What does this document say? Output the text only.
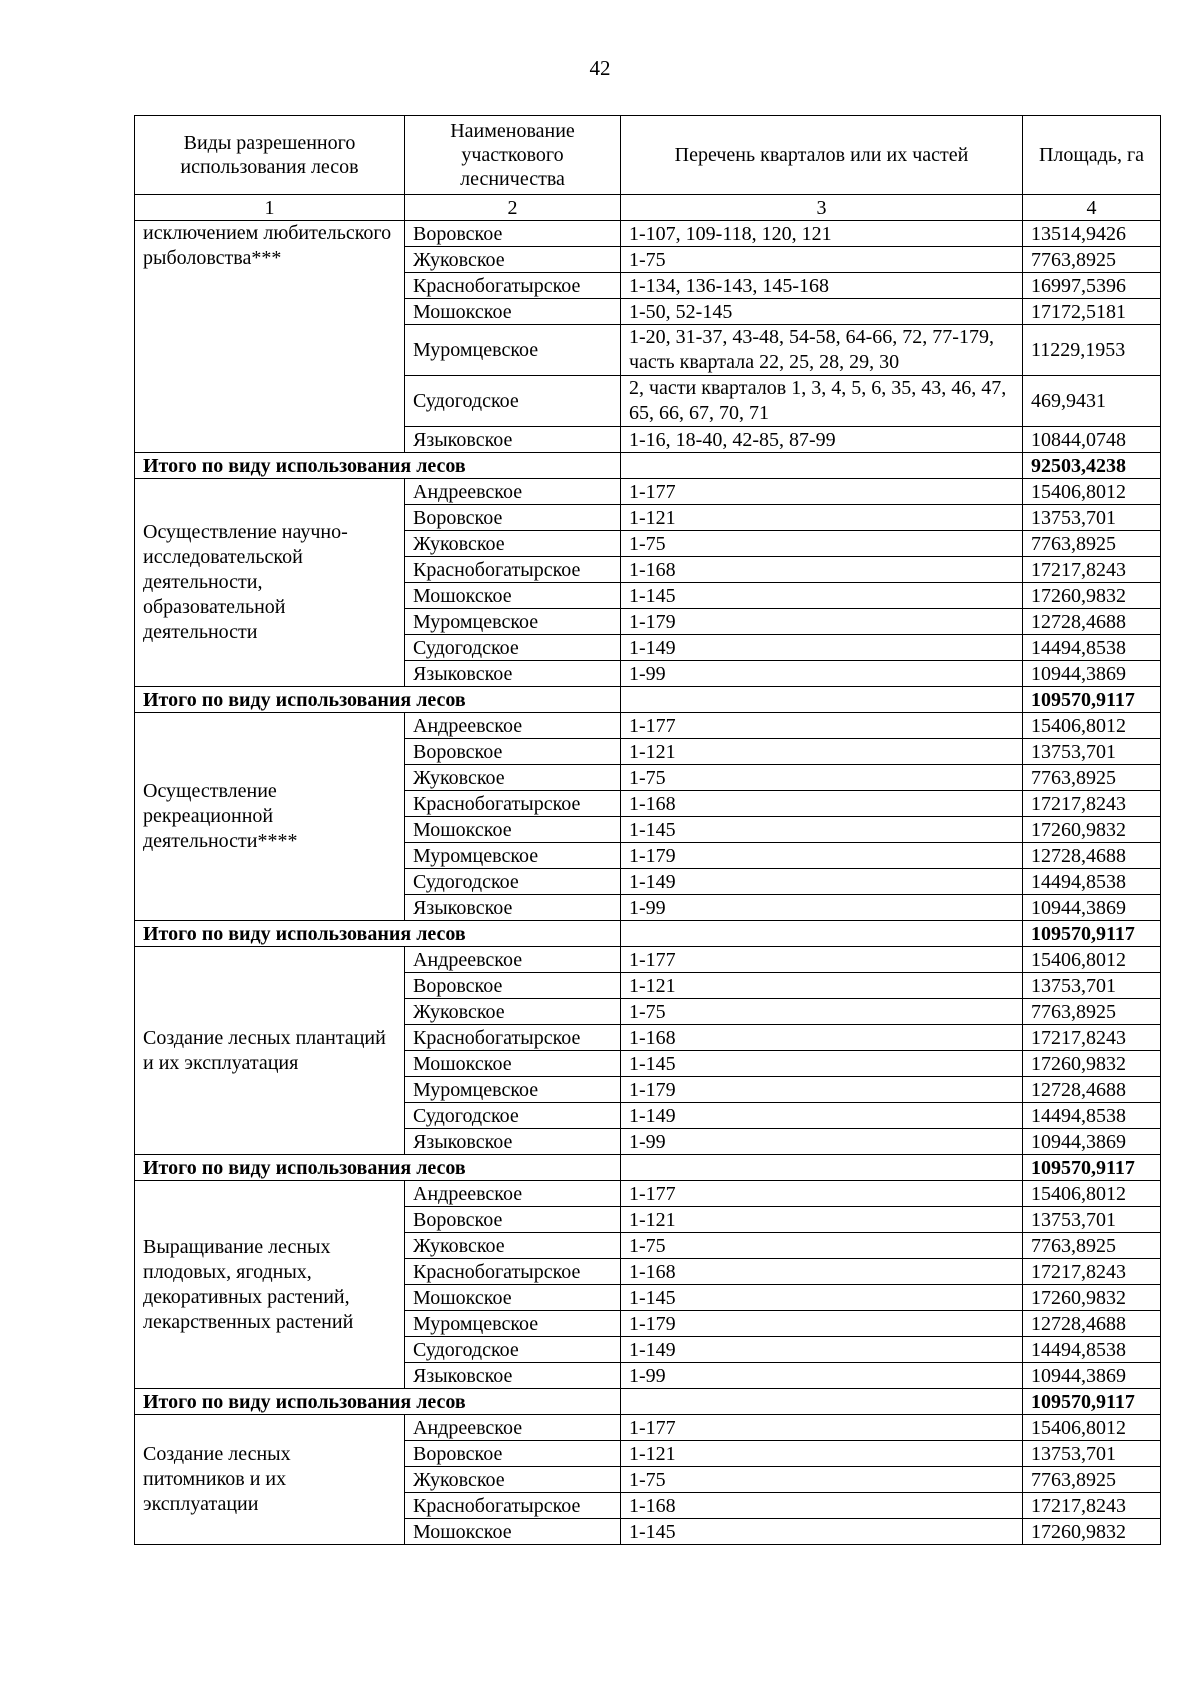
42
Виды разрешенного использования лесов	Наименование участкового лесничества	Перечень кварталов или их частей	Площадь, га
1	2	3	4
исключением любительского рыболовства***	Воровское	1-107, 109-118, 120, 121	13514,9426
	Жуковское	1-75	7763,8925
	Краснобогатырское	1-134, 136-143, 145-168	16997,5396
	Мошокское	1-50, 52-145	17172,5181
	Муромцевское	1-20, 31-37, 43-48, 54-58, 64-66, 72, 77-179, часть квартала 22, 25, 28, 29, 30	11229,1953
	Судогодское	2, части кварталов 1, 3, 4, 5, 6, 35, 43, 46, 47, 65, 66, 67, 70, 71	469,9431
	Языковское	1-16, 18-40, 42-85, 87-99	10844,0748
Итого по виду использования лесов			92503,4238
Осуществление научно-исследовательской деятельности, образовательной деятельности	Андреевское	1-177	15406,8012
	Воровское	1-121	13753,701
	Жуковское	1-75	7763,8925
	Краснобогатырское	1-168	17217,8243
	Мошокское	1-145	17260,9832
	Муромцевское	1-179	12728,4688
	Судогодское	1-149	14494,8538
	Языковское	1-99	10944,3869
Итого по виду использования лесов			109570,9117
Осуществление рекреационной деятельности****	Андреевское	1-177	15406,8012
	Воровское	1-121	13753,701
	Жуковское	1-75	7763,8925
	Краснобогатырское	1-168	17217,8243
	Мошокское	1-145	17260,9832
	Муромцевское	1-179	12728,4688
	Судогодское	1-149	14494,8538
	Языковское	1-99	10944,3869
Итого по виду использования лесов			109570,9117
Создание лесных плантаций и их эксплуатация	Андреевское	1-177	15406,8012
	Воровское	1-121	13753,701
	Жуковское	1-75	7763,8925
	Краснобогатырское	1-168	17217,8243
	Мошокское	1-145	17260,9832
	Муромцевское	1-179	12728,4688
	Судогодское	1-149	14494,8538
	Языковское	1-99	10944,3869
Итого по виду использования лесов			109570,9117
Выращивание лесных плодовых, ягодных, декоративных растений, лекарственных растений	Андреевское	1-177	15406,8012
	Воровское	1-121	13753,701
	Жуковское	1-75	7763,8925
	Краснобогатырское	1-168	17217,8243
	Мошокское	1-145	17260,9832
	Муромцевское	1-179	12728,4688
	Судогодское	1-149	14494,8538
	Языковское	1-99	10944,3869
Итого по виду использования лесов			109570,9117
Создание лесных питомников и их эксплуатации	Андреевское	1-177	15406,8012
	Воровское	1-121	13753,701
	Жуковское	1-75	7763,8925
	Краснобогатырское	1-168	17217,8243
	Мошокское	1-145	17260,9832
